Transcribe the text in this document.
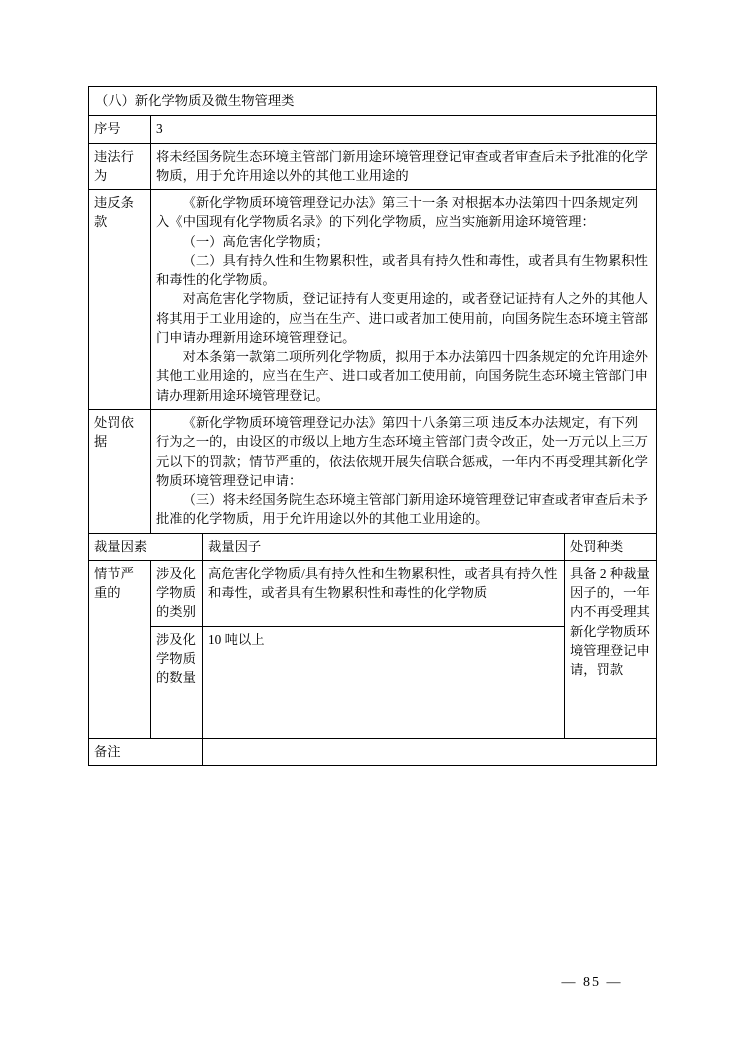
（八）新化学物质及微生物管理类			
序号	3		
违法行为	将未经国务院生态环境主管部门新用途环境管理登记审查或者审查后未予批准的化学物质，用于允许用途以外的其他工业用途的		
违反条款	《新化学物质环境管理登记办法》第三十一条 对根据本办法第四十四条规定列入《中国现有化学物质名录》的下列化学物质，应当实施新用途环境管理：

（一）高危害化学物质；

（二）具有持久性和生物累积性，或者具有持久性和毒性，或者具有生物累积性和毒性的化学物质。

对高危害化学物质，登记证持有人变更用途的，或者登记证持有人之外的其他人将其用于工业用途的，应当在生产、进口或者加工使用前，向国务院生态环境主管部门申请办理新用途环境管理登记。

对本条第一款第二项所列化学物质，拟用于本办法第四十四条规定的允许用途外其他工业用途的，应当在生产、进口或者加工使用前，向国务院生态环境主管部门申请办理新用途环境管理登记。		

处罚依据	《新化学物质环境管理登记办法》第四十八条第三项 违反本办法规定，有下列行为之一的，由设区的市级以上地方生态环境主管部门责令改正，处一万元以上三万元以下的罚款；情节严重的，依法依规开展失信联合惩戒，一年内不再受理其新化学物质环境管理登记申请：

（三）将未经国务院生态环境主管部门新用途环境管理登记审查或者审查后未予批准的化学物质，用于允许用途以外的其他工业用途的。		

裁量因素		裁量因子	处罚种类
情节严重的	涉及化学物质的类别	高危害化学物质/具有持久性和生物累积性，或者具有持久性和毒性，或者具有生物累积性和毒性的化学物质	具备 2 种裁量因子的，一年内不再受理其新化学物质环境管理登记申请，罚款
	涉及化学物质的数量	10 吨以上	
备注			
— 85 —
